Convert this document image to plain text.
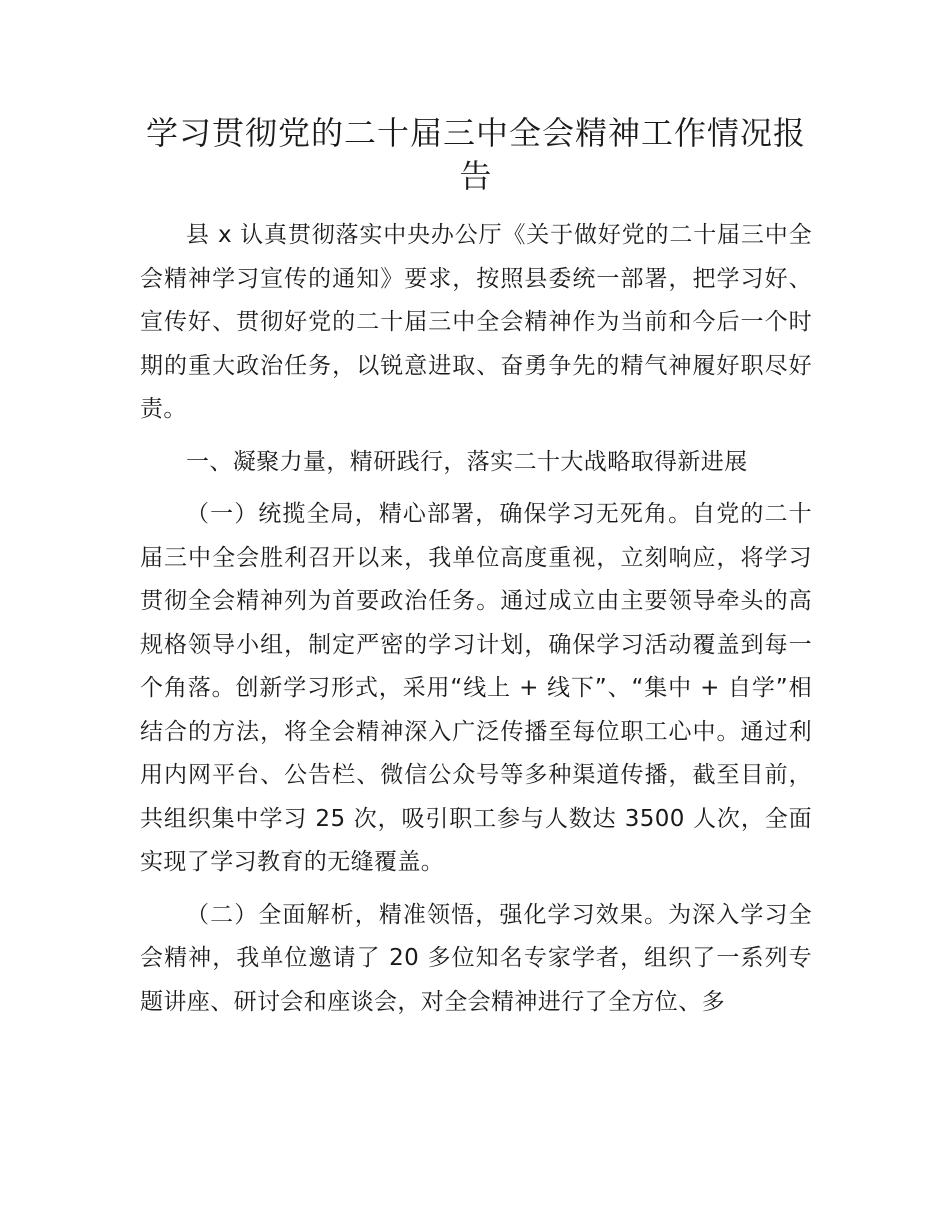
学习贯彻党的二十届三中全会精神工作情况报告

县 x 认真贯彻落实中央办公厅《关于做好党的二十届三中全会精神学习宣传的通知》要求，按照县委统一部署，把学习好、宣传好、贯彻好党的二十届三中全会精神作为当前和今后一个时期的重大政治任务，以锐意进取、奋勇争先的精气神履好职尽好责。

一、凝聚力量，精研践行，落实二十大战略取得新进展

（一）统揽全局，精心部署，确保学习无死角。自党的二十届三中全会胜利召开以来，我单位高度重视，立刻响应，将学习贯彻全会精神列为首要政治任务。通过成立由主要领导牵头的高规格领导小组，制定严密的学习计划，确保学习活动覆盖到每一个角落。创新学习形式，采用“线上 + 线下”、“集中 + 自学”相结合的方法，将全会精神深入广泛传播至每位职工心中。通过利用内网平台、公告栏、微信公众号等多种渠道传播，截至目前，共组织集中学习 25 次，吸引职工参与人数达 3500 人次，全面实现了学习教育的无缝覆盖。

（二）全面解析，精准领悟，强化学习效果。为深入学习全会精神，我单位邀请了 20 多位知名专家学者，组织了一系列专题讲座、研讨会和座谈会，对全会精神进行了全方位、多
